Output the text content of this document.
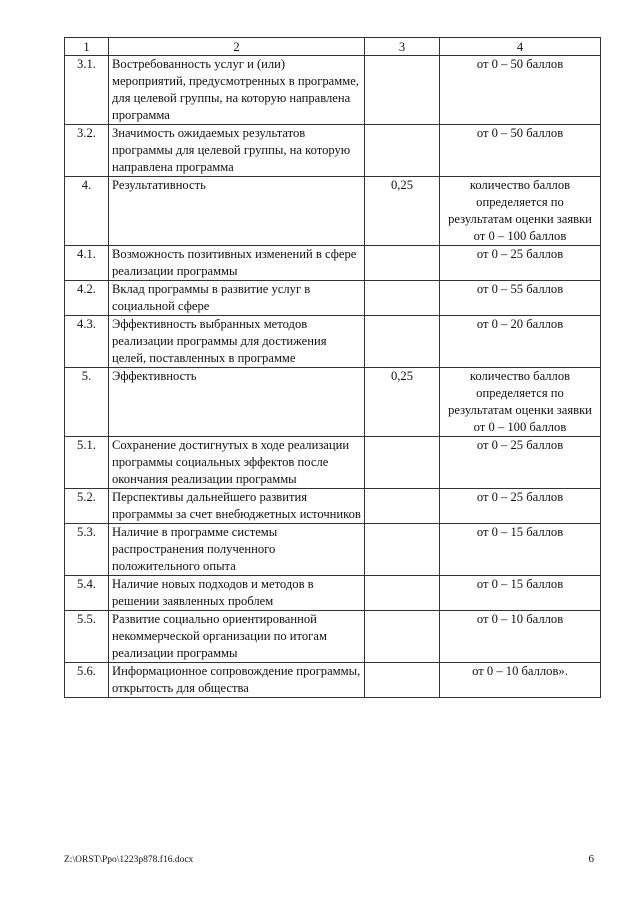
1	2	3	4
3.1.	Востребованность услуг и (или) мероприятий, предусмотренных в программе, для целевой группы, на которую направлена программа		от 0 – 50 баллов
3.2.	Значимость ожидаемых результатов программы для целевой группы, на которую направлена программа		от 0 – 50 баллов
4.	Результативность	0,25	количество баллов определяется по результатам оценки заявки от 0 – 100 баллов
4.1.	Возможность позитивных изменений в сфере реализации программы		от 0 – 25 баллов
4.2.	Вклад программы в развитие услуг в социальной сфере		от 0 – 55 баллов
4.3.	Эффективность выбранных методов реализации программы для достижения целей, поставленных в программе		от 0 – 20 баллов
5.	Эффективность	0,25	количество баллов определяется по результатам оценки заявки от 0 – 100 баллов
5.1.	Сохранение достигнутых в ходе реализации программы социальных эффектов после окончания реализации программы		от 0 – 25 баллов
5.2.	Перспективы дальнейшего развития программы за счет внебюджетных источников		от 0 – 25 баллов
5.3.	Наличие в программе системы распространения полученного положительного опыта		от 0 – 15 баллов
5.4.	Наличие новых подходов и методов в решении заявленных проблем		от 0 – 15 баллов
5.5.	Развитие социально ориентированной некоммерческой организации по итогам реализации программы		от 0 – 10 баллов
5.6.	Информационное сопровождение программы, открытость для общества		от 0 – 10 баллов».
Z:\ORST\Ppo\1223p878.f16.docx	6
